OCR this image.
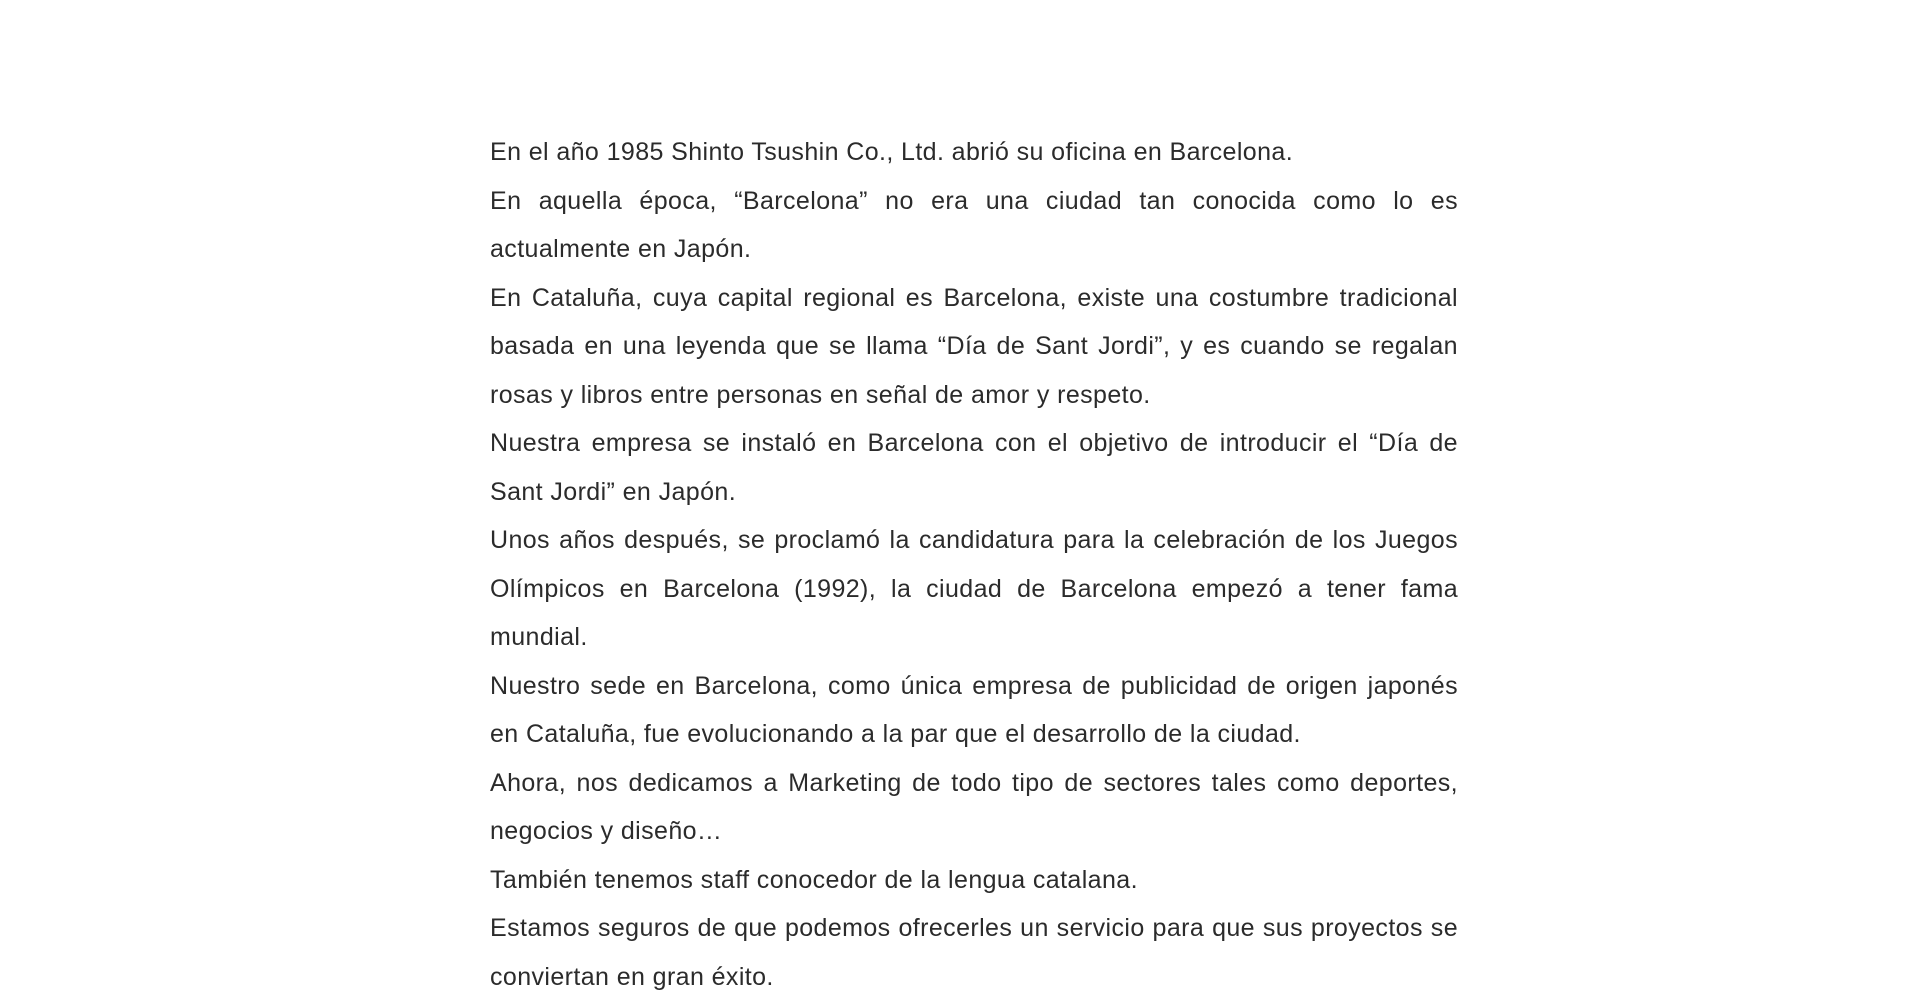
En el año 1985 Shinto Tsushin Co., Ltd. abrió su oficina en Barcelona.

En aquella época, “Barcelona” no era una ciudad tan conocida como lo es actualmente en Japón.

En Cataluña, cuya capital regional es Barcelona, existe una costumbre tradicional basada en una leyenda que se llama “Día de Sant Jordi”, y es cuando se regalan rosas y libros entre personas en señal de amor y respeto.

Nuestra empresa se instaló en Barcelona con el objetivo de introducir el “Día de Sant Jordi” en Japón.

Unos años después, se proclamó la candidatura para la celebración de los Juegos Olímpicos en Barcelona (1992), la ciudad de Barcelona empezó a tener fama mundial.

Nuestro sede en Barcelona, como única empresa de publicidad de origen japonés en Cataluña, fue evolucionando a la par que el desarrollo de la ciudad.

Ahora, nos dedicamos a Marketing de todo tipo de sectores tales como deportes, negocios y diseño…

También tenemos staff conocedor de la lengua catalana.

Estamos seguros de que podemos ofrecerles un servicio para que sus proyectos se conviertan en gran éxito.
